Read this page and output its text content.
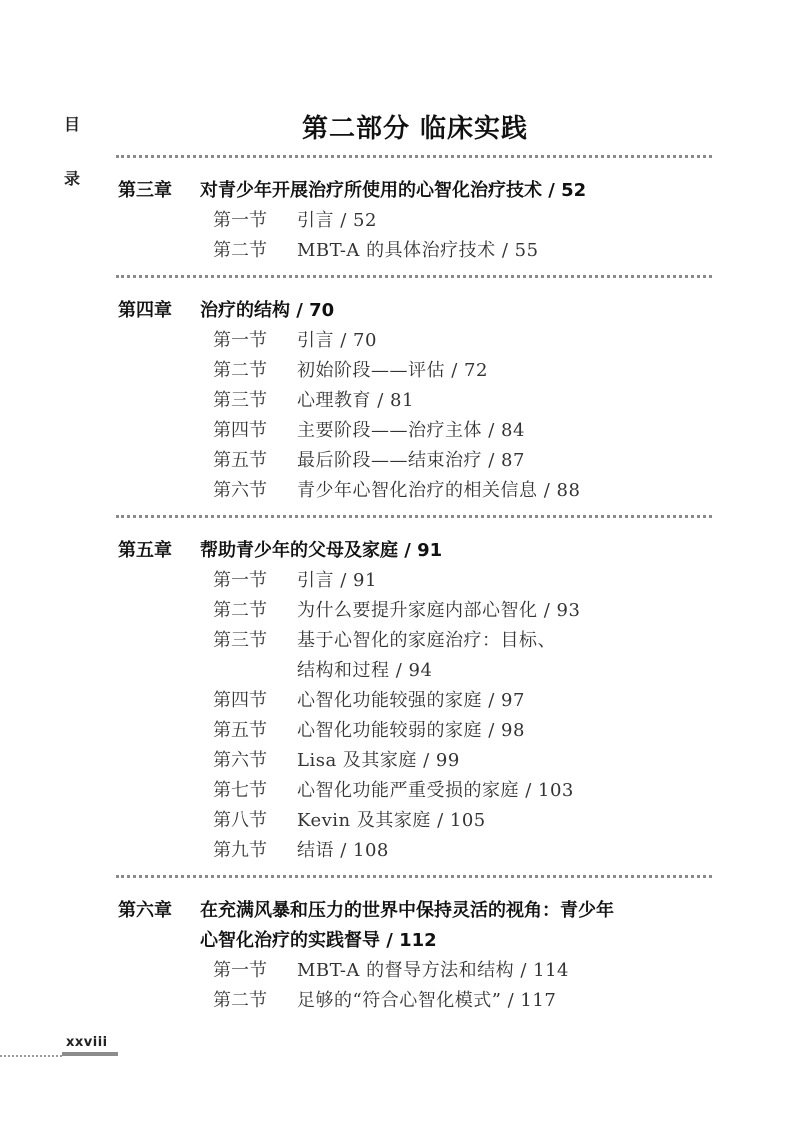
目
录
第二部分 临床实践
第三章 对青少年开展治疗所使用的心智化治疗技术 / 52
第一节 引言 / 52
第二节 MBT-A 的具体治疗技术 / 55
第四章 治疗的结构 / 70
第一节 引言 / 70
第二节 初始阶段——评估 / 72
第三节 心理教育 / 81
第四节 主要阶段——治疗主体 / 84
第五节 最后阶段——结束治疗 / 87
第六节 青少年心智化治疗的相关信息 / 88
第五章 帮助青少年的父母及家庭 / 91
第一节 引言 / 91
第二节 为什么要提升家庭内部心智化 / 93
第三节 基于心智化的家庭治疗：目标、
结构和过程 / 94
第四节 心智化功能较强的家庭 / 97
第五节 心智化功能较弱的家庭 / 98
第六节 Lisa 及其家庭 / 99
第七节 心智化功能严重受损的家庭 / 103
第八节 Kevin 及其家庭 / 105
第九节 结语 / 108
第六章 在充满风暴和压力的世界中保持灵活的视角：青少年
心智化治疗的实践督导 / 112
第一节 MBT-A 的督导方法和结构 / 114
第二节 足够的“符合心智化模式” / 117
xxviii
